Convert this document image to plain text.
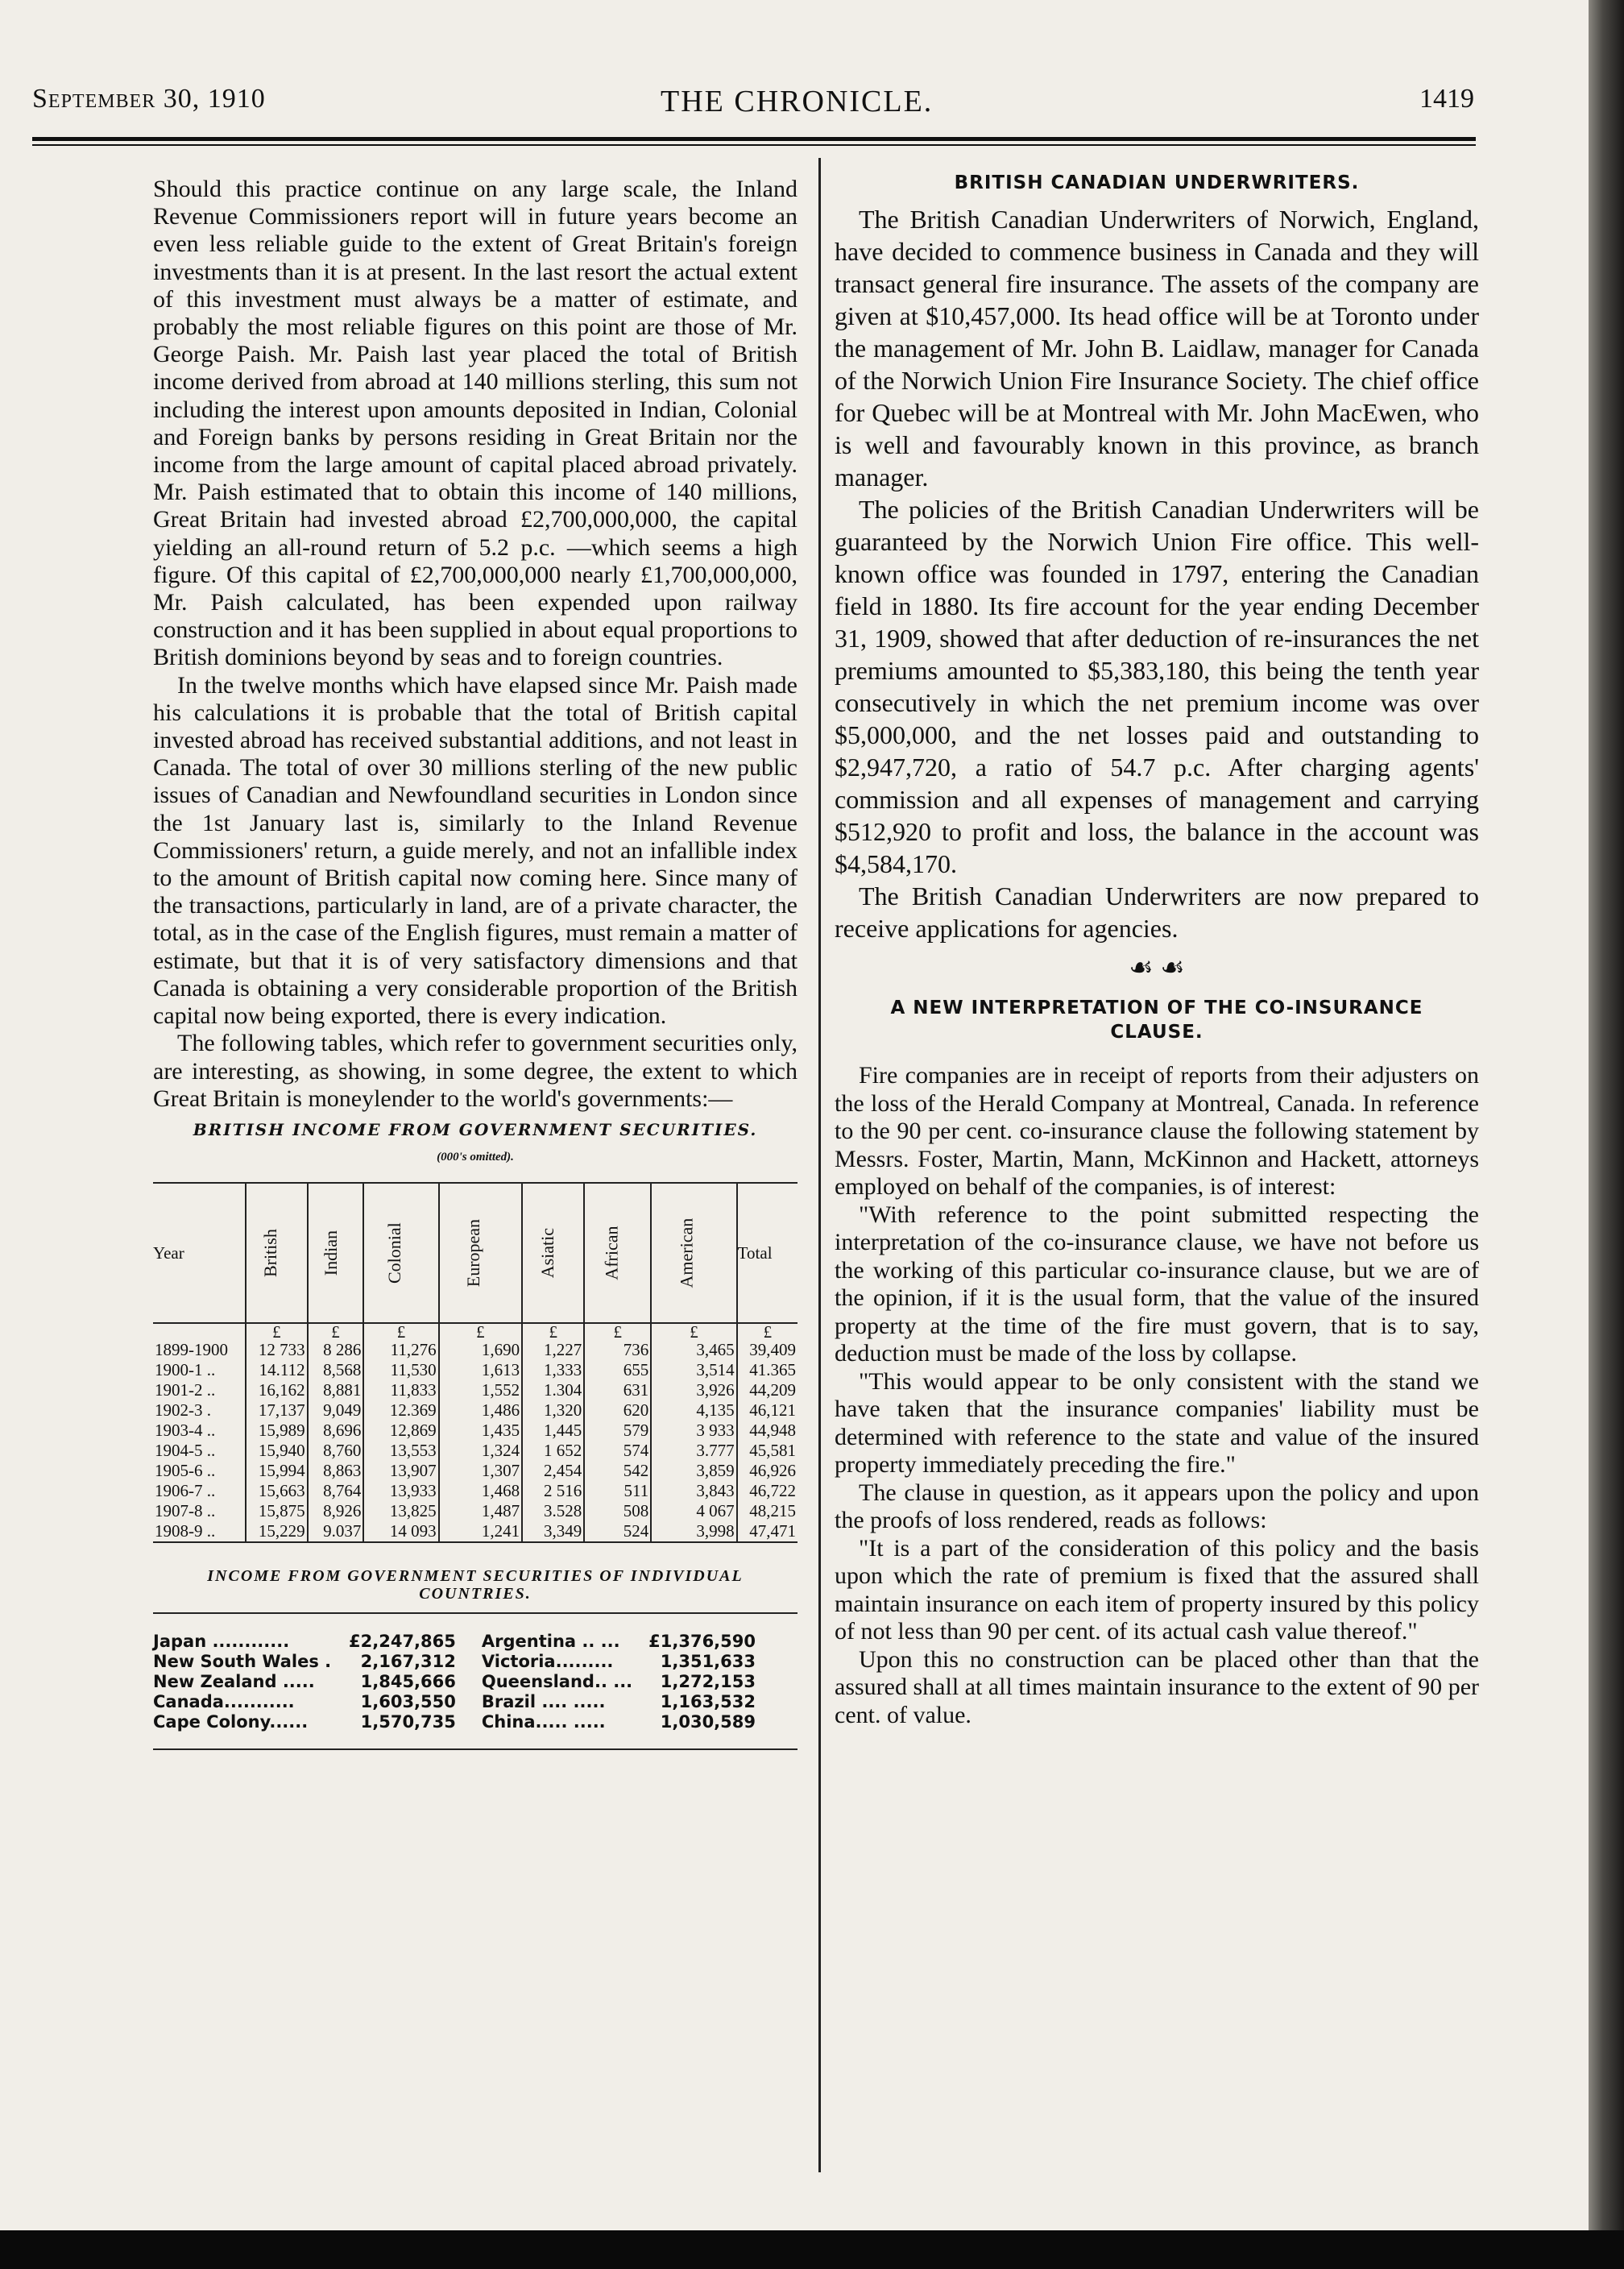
September 30, 1910	THE CHRONICLE.	1419

Should this practice continue on any large scale, the Inland Revenue Commissioners report will in future years become an even less reliable guide to the extent of Great Britain's foreign investments than it is at present. In the last resort the actual extent of this investment must always be a matter of estimate, and probably the most reliable figures on this point are those of Mr. George Paish. Mr. Paish last year placed the total of British income derived from abroad at 140 millions sterling, this sum not including the interest upon amounts deposited in Indian, Colonial and Foreign banks by persons residing in Great Britain nor the income from the large amount of capital placed abroad privately. Mr. Paish estimated that to obtain this income of 140 millions, Great Britain had invested abroad £2,700,000,000, the capital yielding an all-round return of 5.2 p.c. —which seems a high figure. Of this capital of £2,700,000,000 nearly £1,700,000,000, Mr. Paish calculated, has been expended upon railway construction and it has been supplied in about equal proportions to British dominions beyond by seas and to foreign countries.

In the twelve months which have elapsed since Mr. Paish made his calculations it is probable that the total of British capital invested abroad has received substantial additions, and not least in Canada. The total of over 30 millions sterling of the new public issues of Canadian and Newfoundland securities in London since the 1st January last is, similarly to the Inland Revenue Commissioners' return, a guide merely, and not an infallible index to the amount of British capital now coming here. Since many of the transactions, particularly in land, are of a private character, the total, as in the case of the English figures, must remain a matter of estimate, but that it is of very satisfactory dimensions and that Canada is obtaining a very considerable proportion of the British capital now being exported, there is every indication.

The following tables, which refer to government securities only, are interesting, as showing, in some degree, the extent to which Great Britain is moneylender to the world's governments:—

BRITISH INCOME FROM GOVERNMENT SECURITIES.
(000's omitted).
Year	British	Indian	Colonial	European	Asiatic	African	American	Total
	£	£	£	£	£	£	£	£
1899-1900	12 733	8 286	11,276	1,690	1,227	736	3,465	39,409
1900-1 ..	14.112	8,568	11,530	1,613	1,333	655	3,514	41.365
1901-2 ..	16,162	8,881	11,833	1,552	1.304	631	3,926	44,209
1902-3 .	17,137	9,049	12.369	1,486	1,320	620	4,135	46,121
1903-4 ..	15,989	8,696	12,869	1,435	1,445	579	3 933	44,948
1904-5 ..	15,940	8,760	13,553	1,324	1 652	574	3.777	45,581
1905-6 ..	15,994	8,863	13,907	1,307	2,454	542	3,859	46,926
1906-7 ..	15,663	8,764	13,933	1,468	2 516	511	3,843	46,722
1907-8 ..	15,875	8,926	13,825	1,487	3.528	508	4 067	48,215
1908-9 ..	15,229	9.037	14 093	1,241	3,349	524	3,998	47,471
INCOME FROM GOVERNMENT SECURITIES OF INDIVIDUAL COUNTRIES.
Japan ............	£2,247,865	Argentina .. ...	£1,376,590
New South Wales .	2,167,312	Victoria.........	1,351,633
New Zealand .....	1,845,666	Queensland.. ...	1,272,153
Canada...........	1,603,550	Brazil .... .....	1,163,532
Cape Colony......	1,570,735	China..... .....	1,030,589
BRITISH CANADIAN UNDERWRITERS.

The British Canadian Underwriters of Norwich, England, have decided to commence business in Canada and they will transact general fire insurance. The assets of the company are given at $10,457,000. Its head office will be at Toronto under the management of Mr. John B. Laidlaw, manager for Canada of the Norwich Union Fire Insurance Society. The chief office for Quebec will be at Montreal with Mr. John MacEwen, who is well and favourably known in this province, as branch manager.

The policies of the British Canadian Underwriters will be guaranteed by the Norwich Union Fire office. This well-known office was founded in 1797, entering the Canadian field in 1880. Its fire account for the year ending December 31, 1909, showed that after deduction of re-insurances the net premiums amounted to $5,383,180, this being the tenth year consecutively in which the net premium income was over $5,000,000, and the net losses paid and outstanding to $2,947,720, a ratio of 54.7 p.c. After charging agents' commission and all expenses of management and carrying $512,920 to profit and loss, the balance in the account was $4,584,170.

The British Canadian Underwriters are now prepared to receive applications for agencies.

☙ ☙
A NEW INTERPRETATION OF THE CO-INSURANCE CLAUSE.

Fire companies are in receipt of reports from their adjusters on the loss of the Herald Company at Montreal, Canada. In reference to the 90 per cent. co-insurance clause the following statement by Messrs. Foster, Martin, Mann, McKinnon and Hackett, attorneys employed on behalf of the companies, is of interest:

"With reference to the point submitted respecting the interpretation of the co-insurance clause, we have not before us the working of this particular co-insurance clause, but we are of the opinion, if it is the usual form, that the value of the insured property at the time of the fire must govern, that is to say, deduction must be made of the loss by collapse.

"This would appear to be only consistent with the stand we have taken that the insurance companies' liability must be determined with reference to the state and value of the insured property immediately preceding the fire."

The clause in question, as it appears upon the policy and upon the proofs of loss rendered, reads as follows:

"It is a part of the consideration of this policy and the basis upon which the rate of premium is fixed that the assured shall maintain insurance on each item of property insured by this policy of not less than 90 per cent. of its actual cash value thereof."

Upon this no construction can be placed other than that the assured shall at all times maintain insurance to the extent of 90 per cent. of value.
